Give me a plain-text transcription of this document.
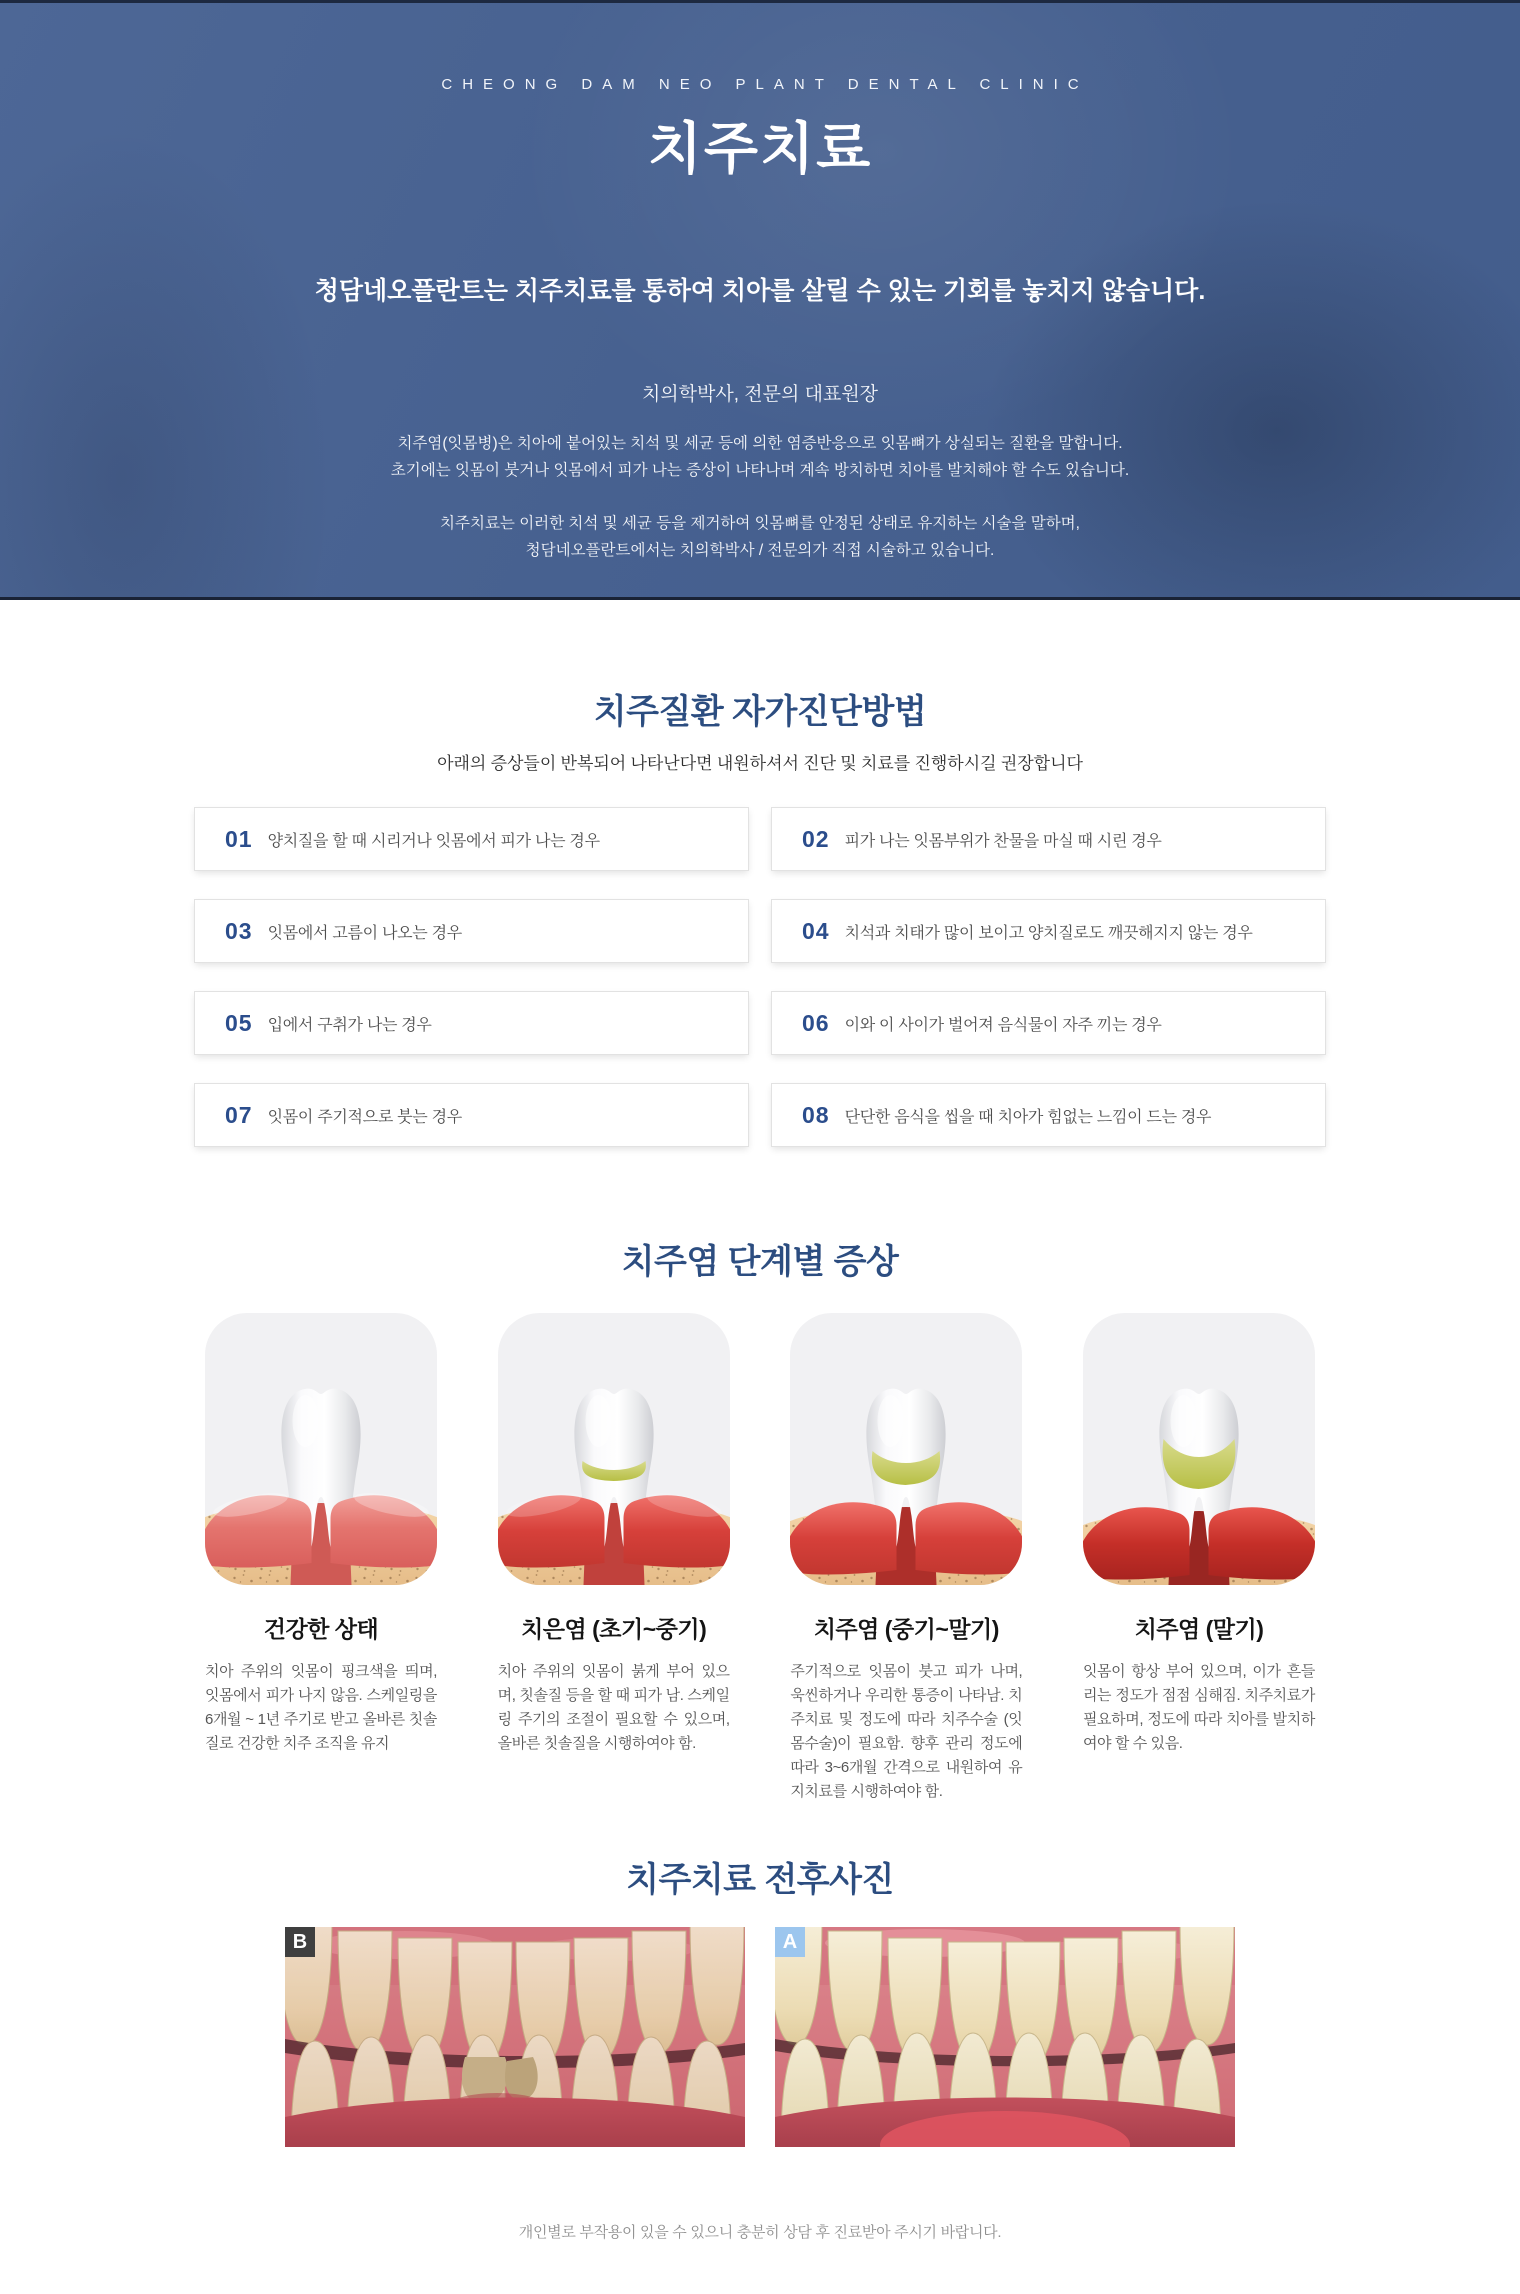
CHEONG DAM NEO PLANT DENTAL CLINIC
치주치료
청담네오플란트는 치주치료를 통하여 치아를 살릴 수 있는 기회를 놓치지 않습니다.
치의학박사, 전문의 대표원장
치주염(잇몸병)은 치아에 붙어있는 치석 및 세균 등에 의한 염증반응으로 잇몸뼈가 상실되는 질환을 말합니다.
초기에는 잇몸이 붓거나 잇몸에서 피가 나는 증상이 나타나며 계속 방치하면 치아를 발치해야 할 수도 있습니다.
치주치료는 이러한 치석 및 세균 등을 제거하여 잇몸뼈를 안정된 상태로 유지하는 시술을 말하며,
청담네오플란트에서는 치의학박사 / 전문의가 직접 시술하고 있습니다.
치주질환 자가진단방법
아래의 증상들이 반복되어 나타난다면 내원하셔서 진단 및 치료를 진행하시길 권장합니다
01 양치질을 할 때 시리거나 잇몸에서 피가 나는 경우	02 피가 나는 잇몸부위가 찬물을 마실 때 시린 경우
03 잇몸에서 고름이 나오는 경우	04 치석과 치태가 많이 보이고 양치질로도 깨끗해지지 않는 경우
05 입에서 구취가 나는 경우	06 이와 이 사이가 벌어져 음식물이 자주 끼는 경우
07 잇몸이 주기적으로 붓는 경우	08 단단한 음식을 씹을 때 치아가 힘없는 느낌이 드는 경우
치주염 단계별 증상
건강한 상태
치아 주위의 잇몸이 핑크색을 띄며, 잇몸에서 피가 나지 않음. 스케일링을 6개월 ~ 1년 주기로 받고 올바른 칫솔질로 건강한 치주 조직을 유지
치은염 (초기~중기)
치아 주위의 잇몸이 붉게 부어 있으며, 칫솔질 등을 할 때 피가 남. 스케일링 주기의 조절이 필요할 수 있으며, 올바른 칫솔질을 시행하여야 함.
치주염 (중기~말기)
주기적으로 잇몸이 붓고 피가 나며, 욱씬하거나 우리한 통증이 나타남. 치주치료 및 정도에 따라 치주수술 (잇몸수술)이 필요함. 향후 관리 정도에 따라 3~6개월 간격으로 내원하여 유지치료를 시행하여야 함.
치주염 (말기)
잇몸이 항상 부어 있으며, 이가 흔들리는 정도가 점점 심해짐. 치주치료가 필요하며, 정도에 따라 치아를 발치하여야 할 수 있음.
치주치료 전후사진
B	A
개인별로 부작용이 있을 수 있으니 충분히 상담 후 진료받아 주시기 바랍니다.
